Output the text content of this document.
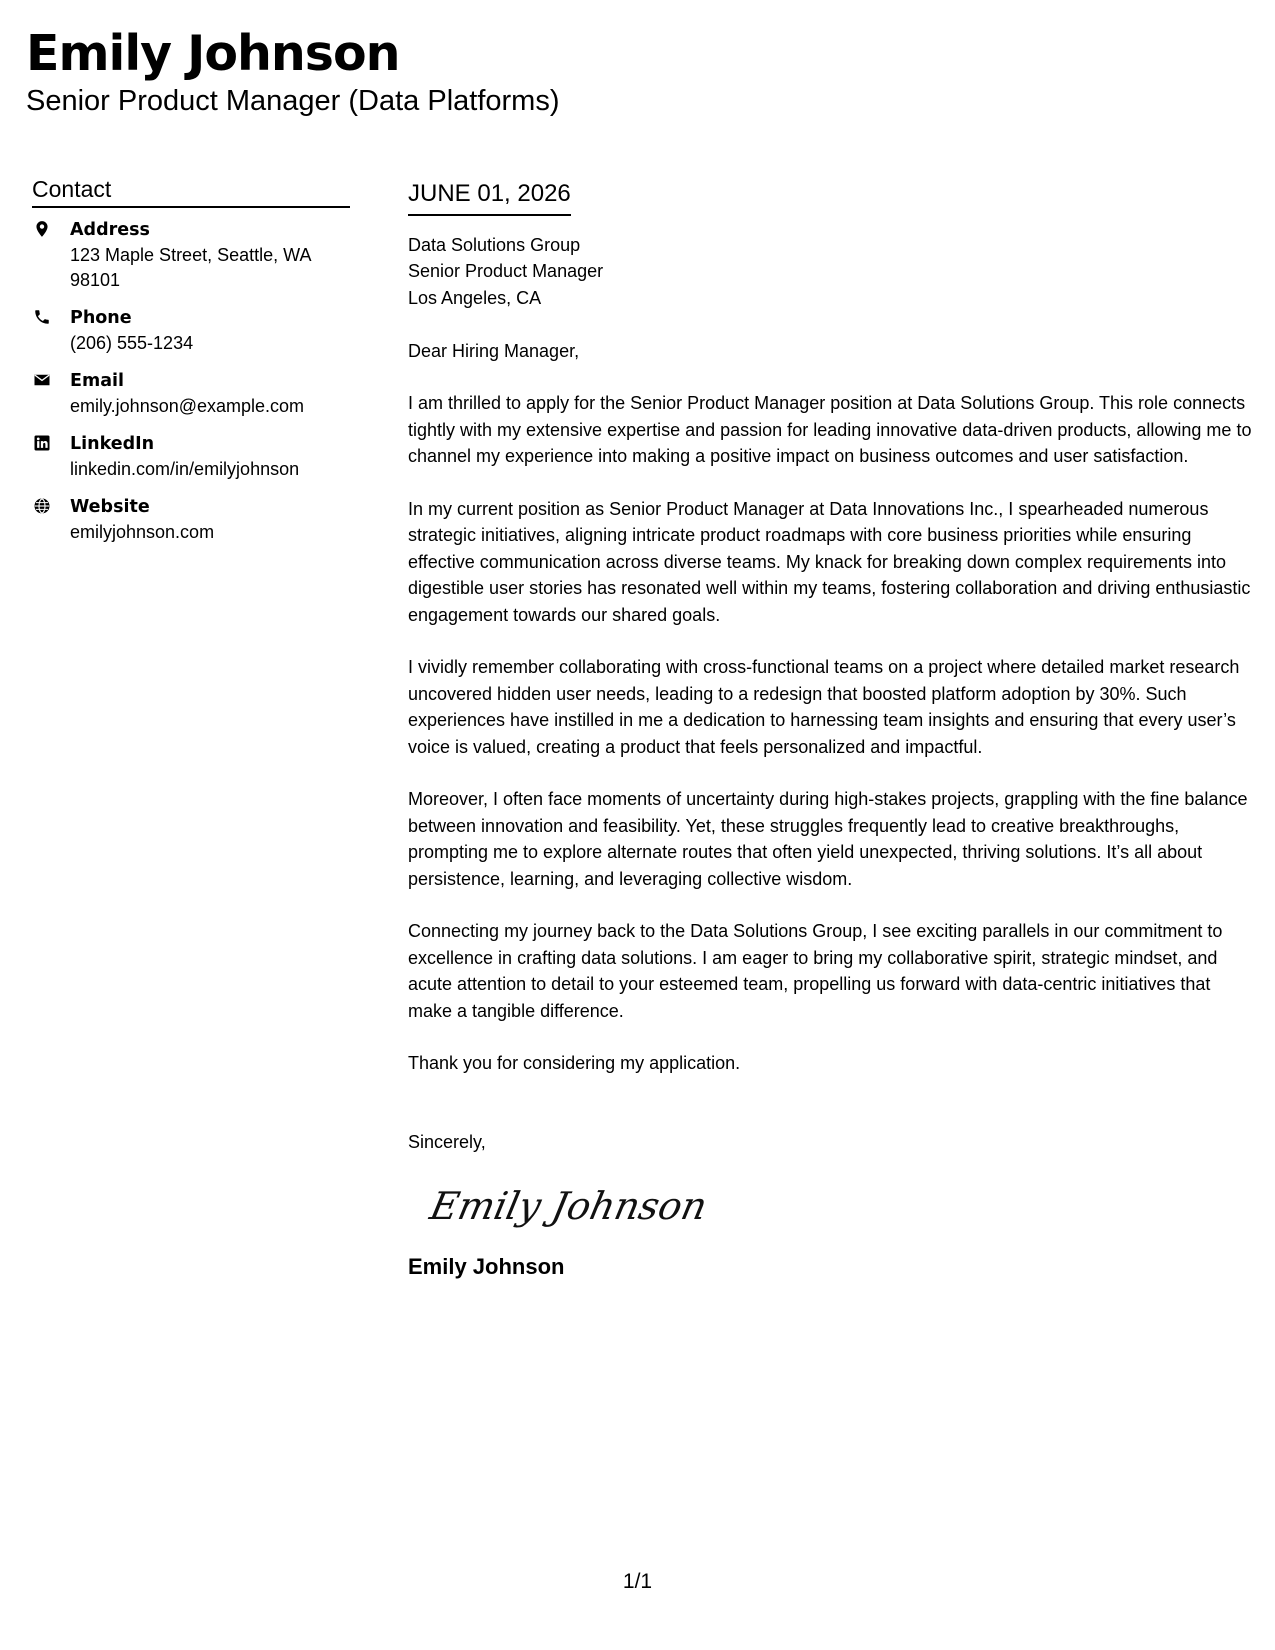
Emily Johnson
Senior Product Manager (Data Platforms)
Contact
Address
123 Maple Street, Seattle, WA 98101
Phone
(206) 555-1234
Email
emily.johnson@example.com
LinkedIn
linkedin.com/in/emilyjohnson
Website
emilyjohnson.com
JUNE 01, 2026
Data Solutions Group
Senior Product Manager
Los Angeles, CA

Dear Hiring Manager,

I am thrilled to apply for the Senior Product Manager position at Data Solutions Group. This role connects tightly with my extensive expertise and passion for leading innovative data-driven products, allowing me to channel my experience into making a positive impact on business outcomes and user satisfaction.

In my current position as Senior Product Manager at Data Innovations Inc., I spearheaded numerous strategic initiatives, aligning intricate product roadmaps with core business priorities while ensuring effective communication across diverse teams. My knack for breaking down complex requirements into digestible user stories has resonated well within my teams, fostering collaboration and driving enthusiastic engagement towards our shared goals.

I vividly remember collaborating with cross-functional teams on a project where detailed market research uncovered hidden user needs, leading to a redesign that boosted platform adoption by 30%. Such experiences have instilled in me a dedication to harnessing team insights and ensuring that every user’s voice is valued, creating a product that feels personalized and impactful.

Moreover, I often face moments of uncertainty during high-stakes projects, grappling with the fine balance between innovation and feasibility. Yet, these struggles frequently lead to creative breakthroughs, prompting me to explore alternate routes that often yield unexpected, thriving solutions. It’s all about persistence, learning, and leveraging collective wisdom.

Connecting my journey back to the Data Solutions Group, I see exciting parallels in our commitment to excellence in crafting data solutions. I am eager to bring my collaborative spirit, strategic mindset, and acute attention to detail to your esteemed team, propelling us forward with data-centric initiatives that make a tangible difference.

Thank you for considering my application.

Sincerely,
Emily Johnson
Emily Johnson
1/1
